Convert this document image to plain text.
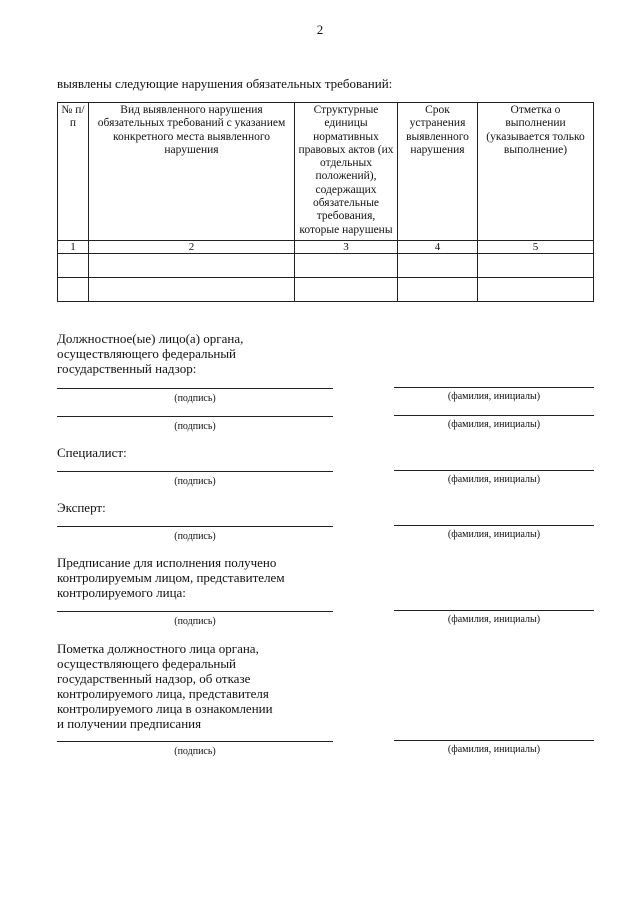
2
выявлены следующие нарушения обязательных требований:
№ п/п	Вид выявленного нарушения обязательных требований с указанием конкретного места выявленного нарушения	Структурные единицы нормативных правовых актов (их отдельных положений), содержащих обязательные требования, которые нарушены	Срок устранения выявленного нарушения	Отметка о выполнении (указывается только выполнение)
1	2	3	4	5

Должностное(ые) лицо(а) органа, осуществляющего федеральный государственный надзор:
(подпись)	(фамилия, инициалы)
(подпись)	(фамилия, инициалы)
Специалист:
(подпись)	(фамилия, инициалы)
Эксперт:
(подпись)	(фамилия, инициалы)
Предписание для исполнения получено контролируемым лицом, представителем контролируемого лица:
(подпись)	(фамилия, инициалы)
Пометка должностного лица органа, осуществляющего федеральный государственный надзор, об отказе контролируемого лица, представителя контролируемого лица в ознакомлении и получении предписания
(подпись)	(фамилия, инициалы)
